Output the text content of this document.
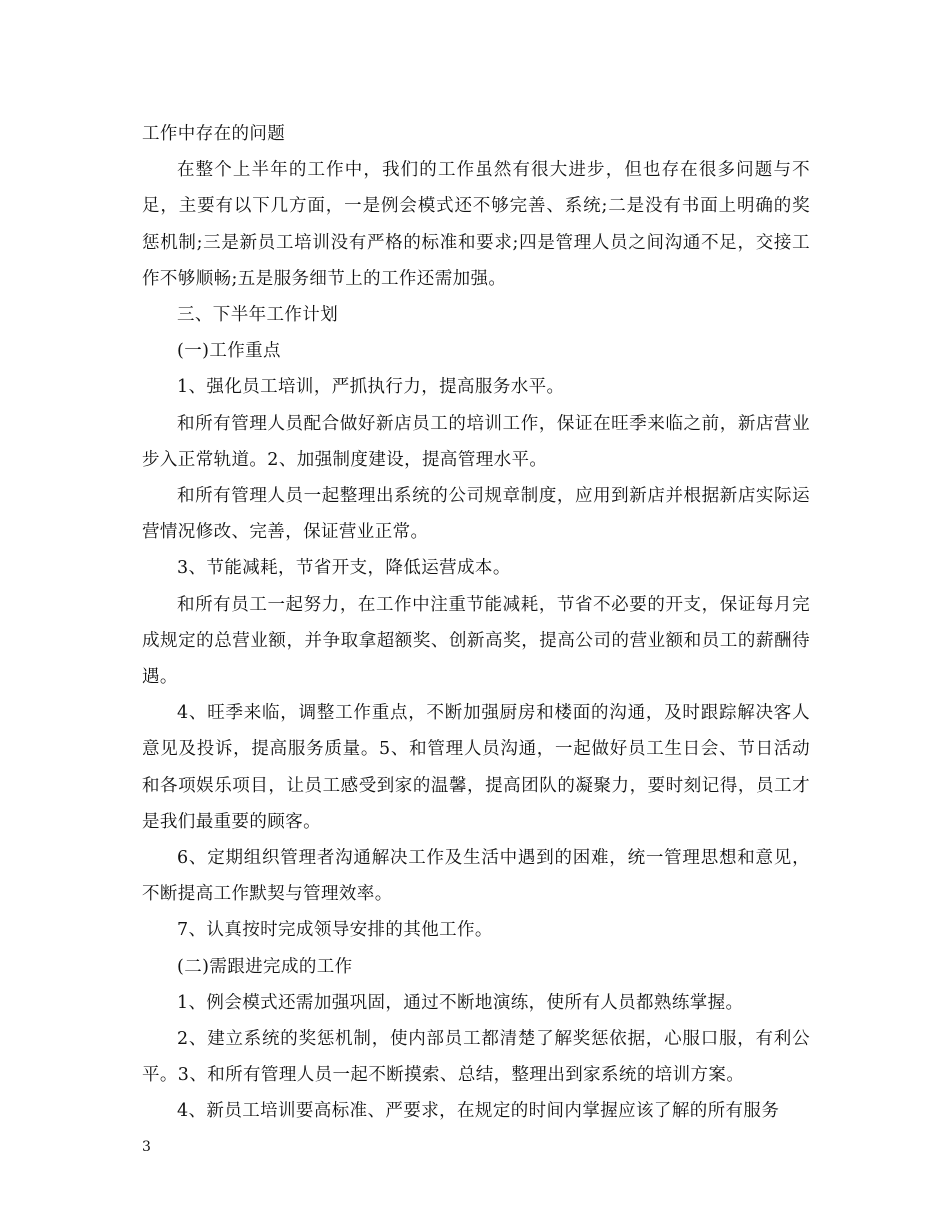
工作中存在的问题

在整个上半年的工作中，我们的工作虽然有很大进步，但也存在很多问题与不足，主要有以下几方面，一是例会模式还不够完善、系统;二是没有书面上明确的奖惩机制;三是新员工培训没有严格的标准和要求;四是管理人员之间沟通不足，交接工作不够顺畅;五是服务细节上的工作还需加强。

三、下半年工作计划

(一)工作重点

1、强化员工培训，严抓执行力，提高服务水平。

和所有管理人员配合做好新店员工的培训工作，保证在旺季来临之前，新店营业步入正常轨道。2、加强制度建设，提高管理水平。

和所有管理人员一起整理出系统的公司规章制度，应用到新店并根据新店实际运营情况修改、完善，保证营业正常。

3、节能减耗，节省开支，降低运营成本。

和所有员工一起努力，在工作中注重节能减耗，节省不必要的开支，保证每月完成规定的总营业额，并争取拿超额奖、创新高奖，提高公司的营业额和员工的薪酬待遇。

4、旺季来临，调整工作重点，不断加强厨房和楼面的沟通，及时跟踪解决客人意见及投诉，提高服务质量。5、和管理人员沟通，一起做好员工生日会、节日活动和各项娱乐项目，让员工感受到家的温馨，提高团队的凝聚力，要时刻记得，员工才是我们最重要的顾客。

6、定期组织管理者沟通解决工作及生活中遇到的困难，统一管理思想和意见，不断提高工作默契与管理效率。

7、认真按时完成领导安排的其他工作。

(二)需跟进完成的工作

1、例会模式还需加强巩固，通过不断地演练，使所有人员都熟练掌握。

2、建立系统的奖惩机制，使内部员工都清楚了解奖惩依据，心服口服，有利公平。3、和所有管理人员一起不断摸索、总结，整理出到家系统的培训方案。

4、新员工培训要高标准、严要求，在规定的时间内掌握应该了解的所有服务

3
